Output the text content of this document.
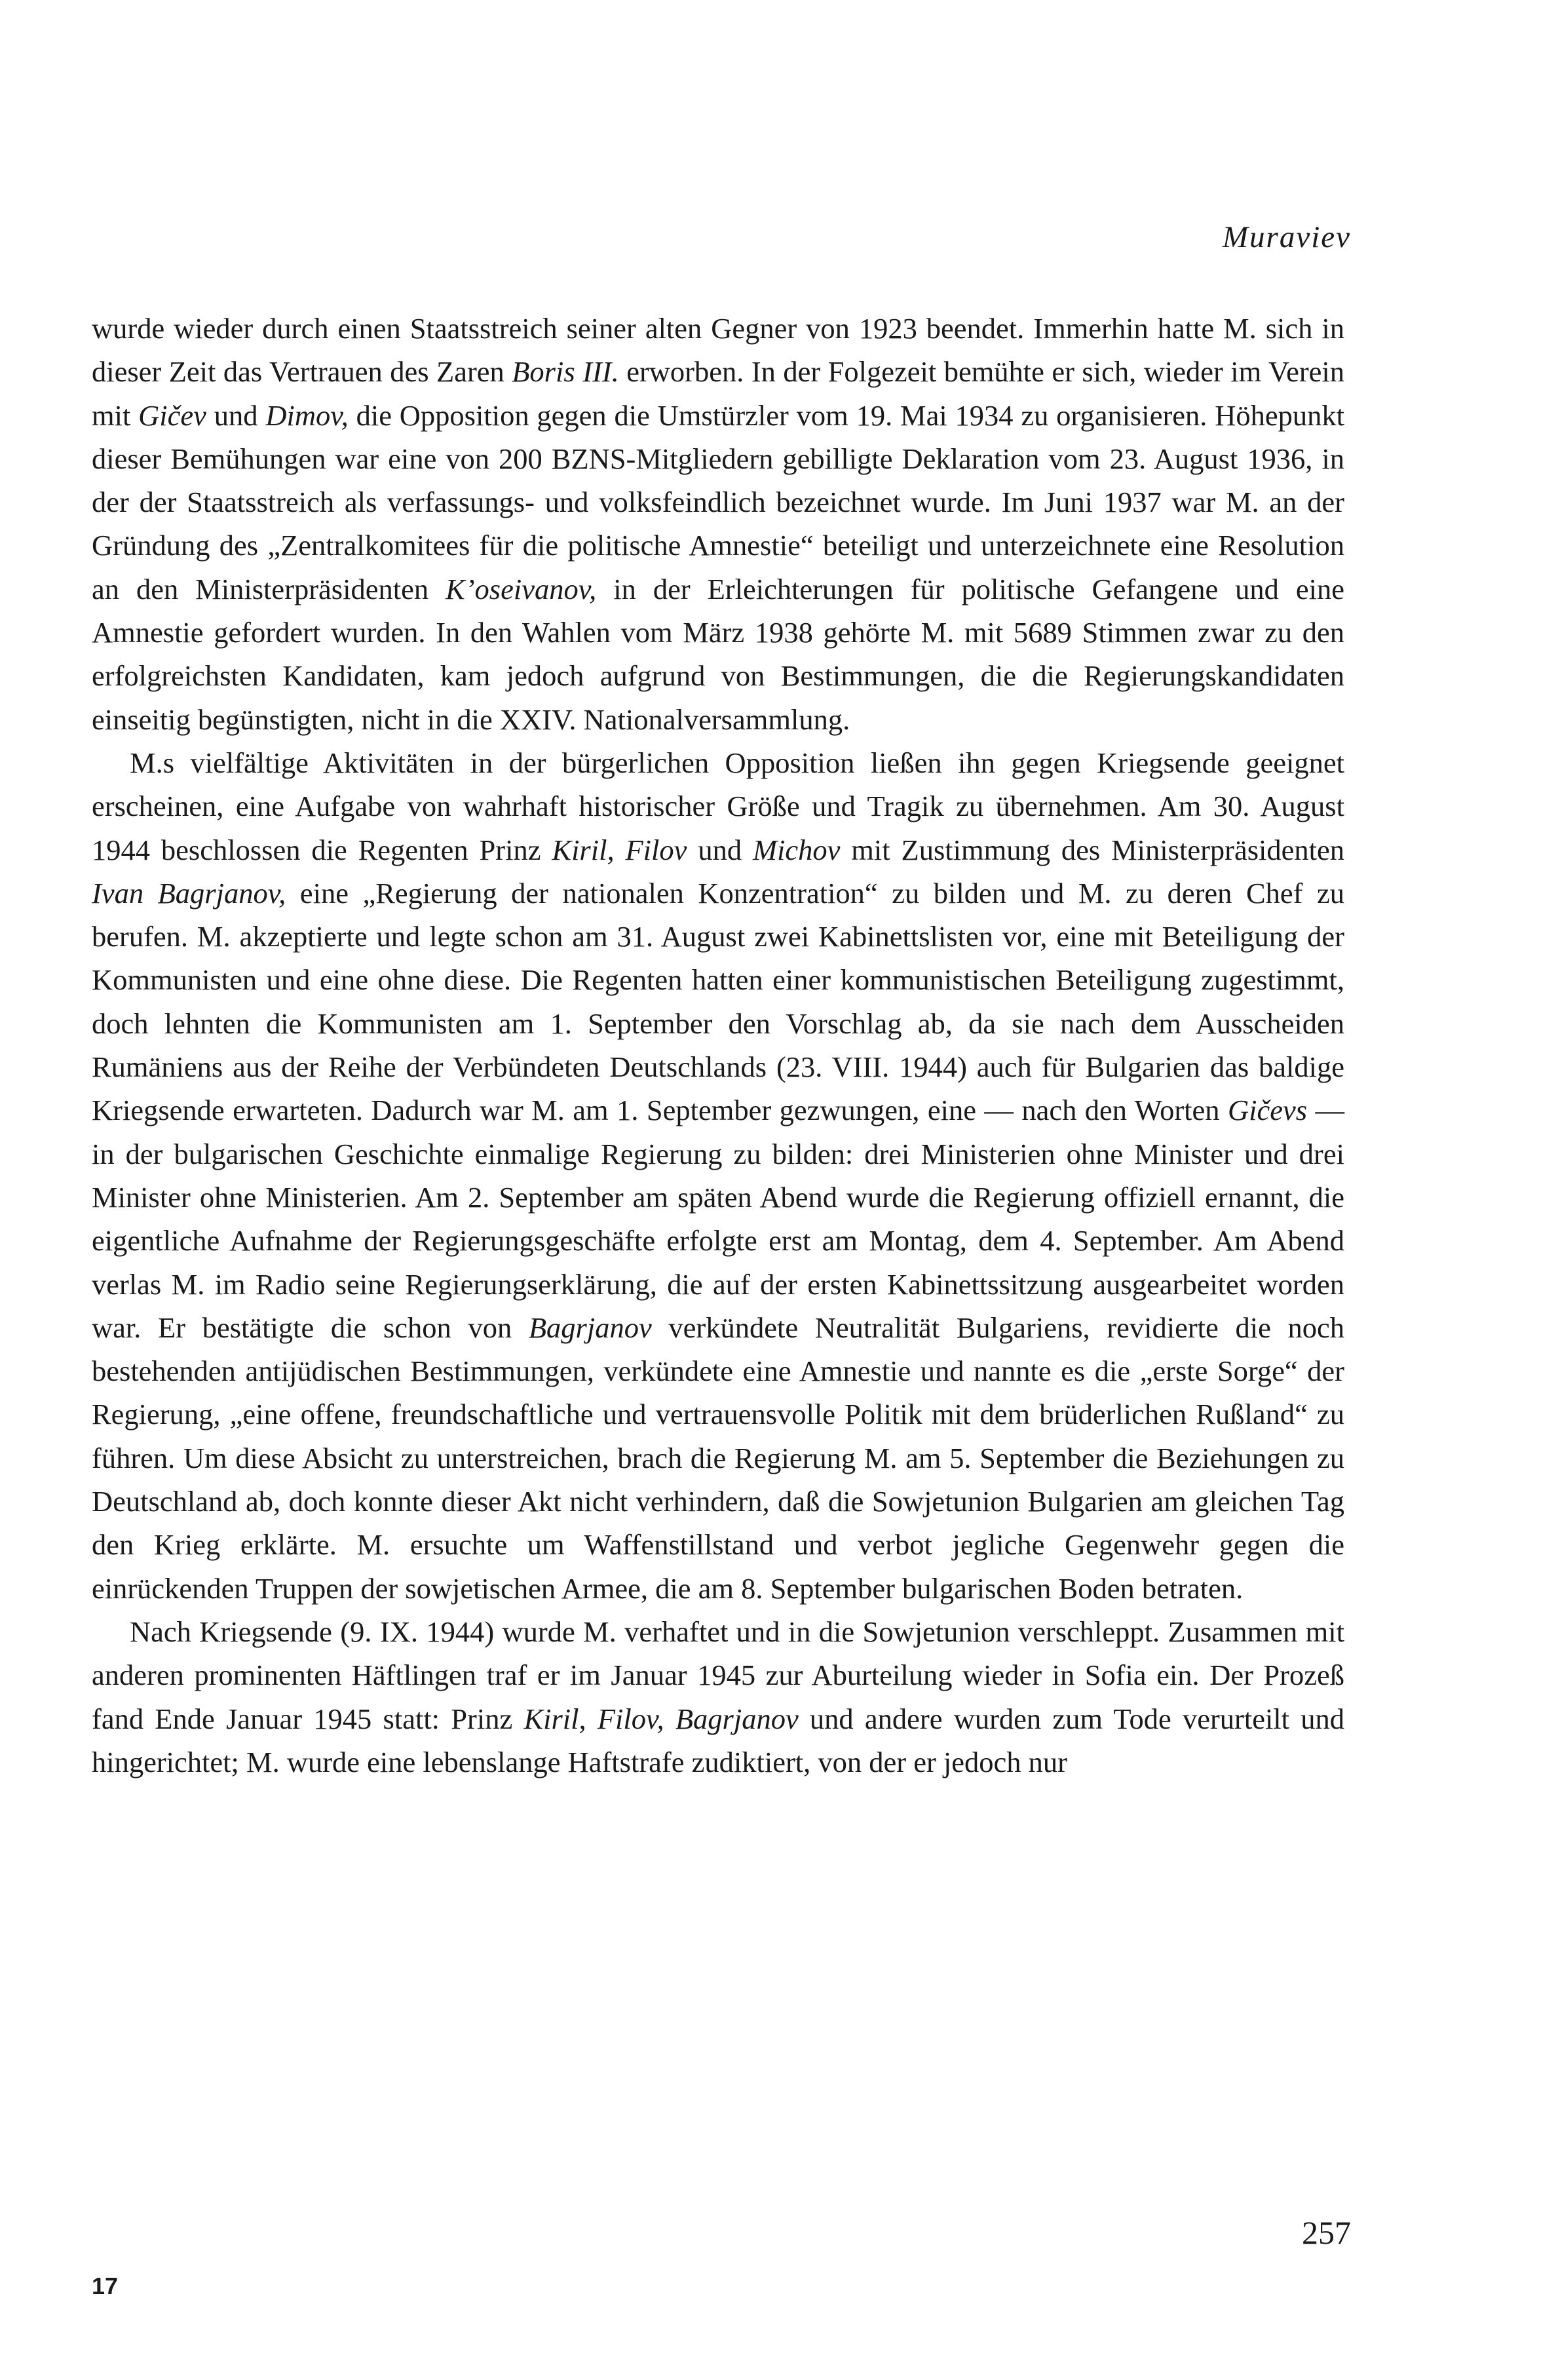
Muraviev

wurde wieder durch einen Staatsstreich seiner alten Gegner von 1923 beendet. Immerhin hatte M. sich in dieser Zeit das Vertrauen des Zaren Boris III. erworben. In der Folgezeit bemühte er sich, wieder im Verein mit Gičev und Dimov, die Opposition gegen die Umstürzler vom 19. Mai 1934 zu organisieren. Höhepunkt dieser Bemühungen war eine von 200 BZNS-Mitgliedern gebilligte Deklaration vom 23. August 1936, in der der Staatsstreich als verfassungs- und volksfeindlich bezeichnet wurde. Im Juni 1937 war M. an der Gründung des „Zentralkomitees für die politische Amnestie“ beteiligt und unterzeichnete eine Resolution an den Ministerpräsidenten K’oseivanov, in der Erleichterungen für politische Gefangene und eine Amnestie gefordert wurden. In den Wahlen vom März 1938 gehörte M. mit 5689 Stimmen zwar zu den erfolgreichsten Kandidaten, kam jedoch aufgrund von Bestimmungen, die die Regierungskandidaten einseitig begünstigten, nicht in die XXIV. Nationalversammlung.

M.s vielfältige Aktivitäten in der bürgerlichen Opposition ließen ihn gegen Kriegsende geeignet erscheinen, eine Aufgabe von wahrhaft historischer Größe und Tragik zu übernehmen. Am 30. August 1944 beschlossen die Regenten Prinz Kiril, Filov und Michov mit Zustimmung des Ministerpräsidenten Ivan Bagrjanov, eine „Regierung der nationalen Konzentration“ zu bilden und M. zu deren Chef zu berufen. M. akzeptierte und legte schon am 31. August zwei Kabinettslisten vor, eine mit Beteiligung der Kommunisten und eine ohne diese. Die Regenten hatten einer kommunistischen Beteiligung zugestimmt, doch lehnten die Kommunisten am 1. September den Vorschlag ab, da sie nach dem Ausscheiden Rumäniens aus der Reihe der Verbündeten Deutschlands (23. VIII. 1944) auch für Bulgarien das baldige Kriegsende erwarteten. Dadurch war M. am 1. September gezwungen, eine — nach den Worten Gičevs — in der bulgarischen Geschichte einmalige Regierung zu bilden: drei Ministerien ohne Minister und drei Minister ohne Ministerien. Am 2. September am späten Abend wurde die Regierung offiziell ernannt, die eigentliche Aufnahme der Regierungsgeschäfte erfolgte erst am Montag, dem 4. September. Am Abend verlas M. im Radio seine Regierungserklärung, die auf der ersten Kabinettssitzung ausgearbeitet worden war. Er bestätigte die schon von Bagrjanov verkündete Neutralität Bulgariens, revidierte die noch bestehenden antijüdischen Bestimmungen, verkündete eine Amnestie und nannte es die „erste Sorge“ der Regierung, „eine offene, freundschaftliche und vertrauensvolle Politik mit dem brüderlichen Rußland“ zu führen. Um diese Absicht zu unterstreichen, brach die Regierung M. am 5. September die Beziehungen zu Deutschland ab, doch konnte dieser Akt nicht verhindern, daß die Sowjetunion Bulgarien am gleichen Tag den Krieg erklärte. M. ersuchte um Waffenstillstand und verbot jegliche Gegenwehr gegen die einrückenden Truppen der sowjetischen Armee, die am 8. September bulgarischen Boden betraten.

Nach Kriegsende (9. IX. 1944) wurde M. verhaftet und in die Sowjetunion verschleppt. Zusammen mit anderen prominenten Häftlingen traf er im Januar 1945 zur Aburteilung wieder in Sofia ein. Der Prozeß fand Ende Januar 1945 statt: Prinz Kiril, Filov, Bagrjanov und andere wurden zum Tode verurteilt und hingerichtet; M. wurde eine lebenslange Haftstrafe zudiktiert, von der er jedoch nur

257
17
